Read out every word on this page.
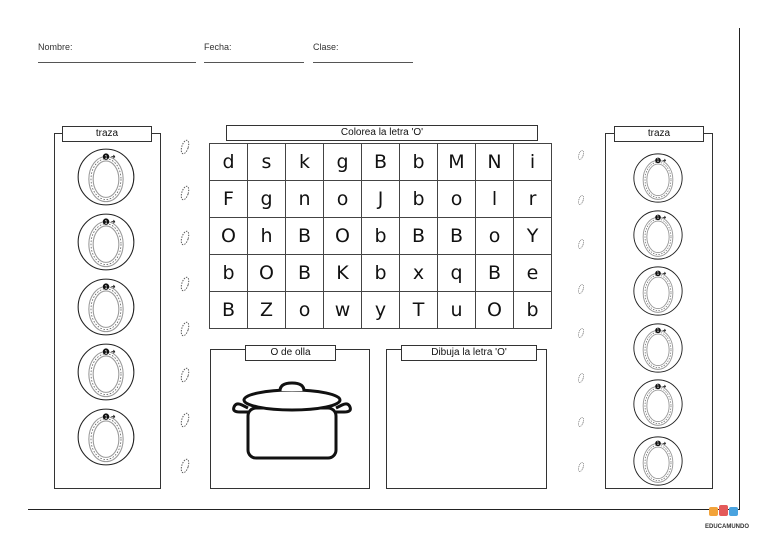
Nombre:	Fecha:	Clase:
traza
1
1
1
1
1
Colorea la letra 'O'
d	s	k	g	B	b	M	N	i
F	g	n	o	J	b	o	l	r
O	h	B	O	b	B	B	o	Y
b	O	B	K	b	x	q	B	e
B	Z	o	w	y	T	u	O	b
O de olla	Dibuja la letra 'O'
traza
1
1
1
1
1
1
EDUCAMUNDO
